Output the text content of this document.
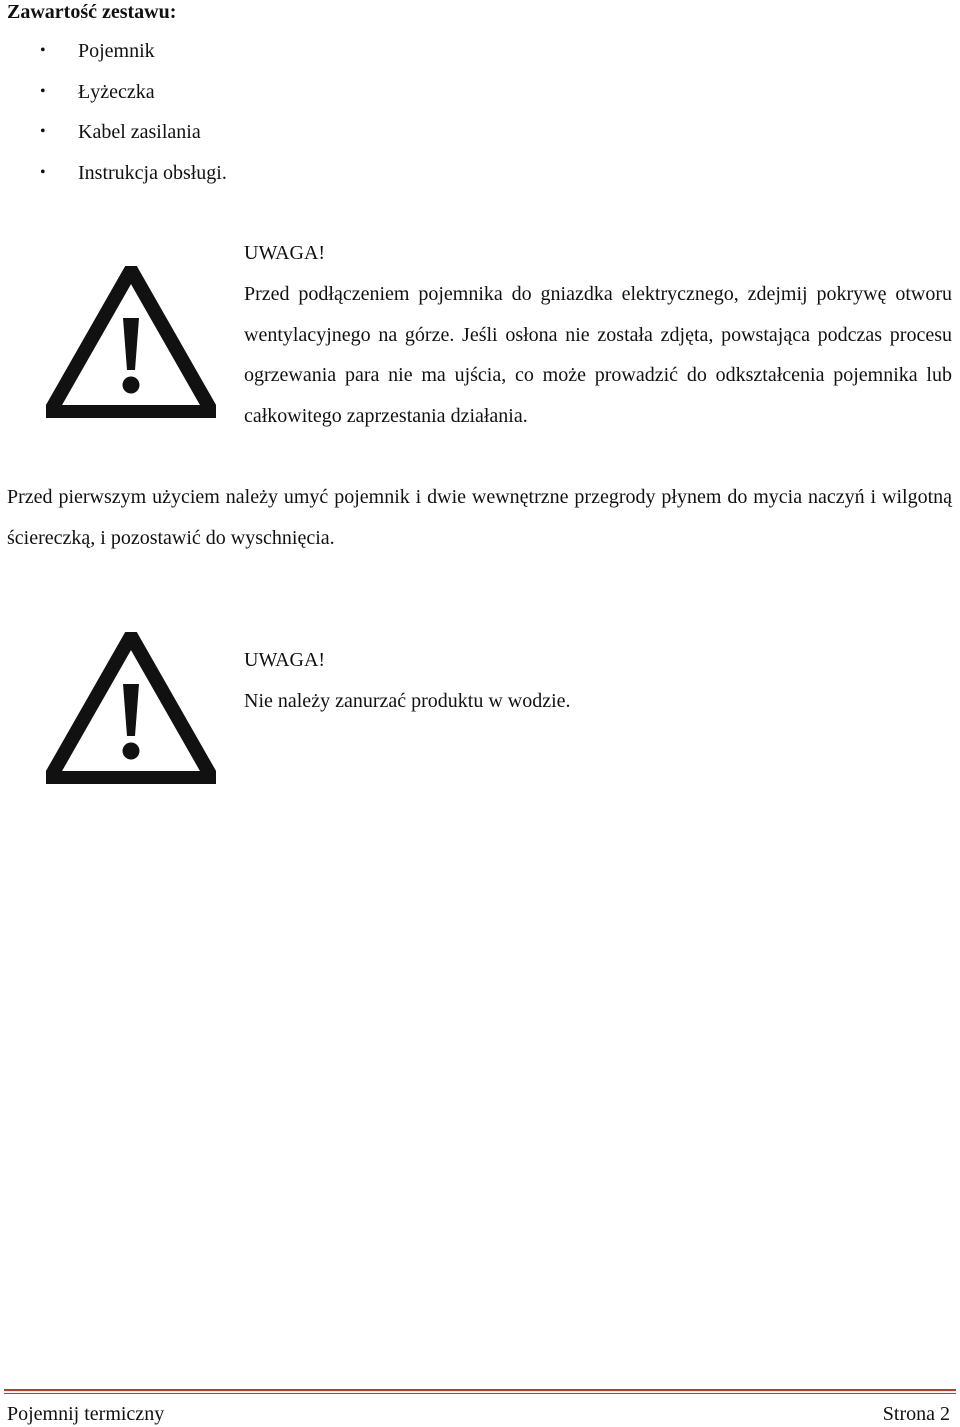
Zawartość zestawu:
• Pojemnik
• Łyżeczka
• Kabel zasilania
• Instrukcja obsługi.

UWAGA!

Przed podłączeniem pojemnika do gniazdka elektrycznego, zdejmij pokrywę otworu wentylacyjnego na górze. Jeśli osłona nie została zdjęta, powstająca podczas procesu ogrzewania para nie ma ujścia, co może prowadzić do odkształcenia pojemnika lub całkowitego zaprzestania działania.

Przed pierwszym użyciem należy umyć pojemnik i dwie wewnętrzne przegrody płynem do mycia naczyń i wilgotną ściereczką, i pozostawić do wyschnięcia.

UWAGA!

Nie należy zanurzać produktu w wodzie.

Pojemnij termiczny	Strona 2
